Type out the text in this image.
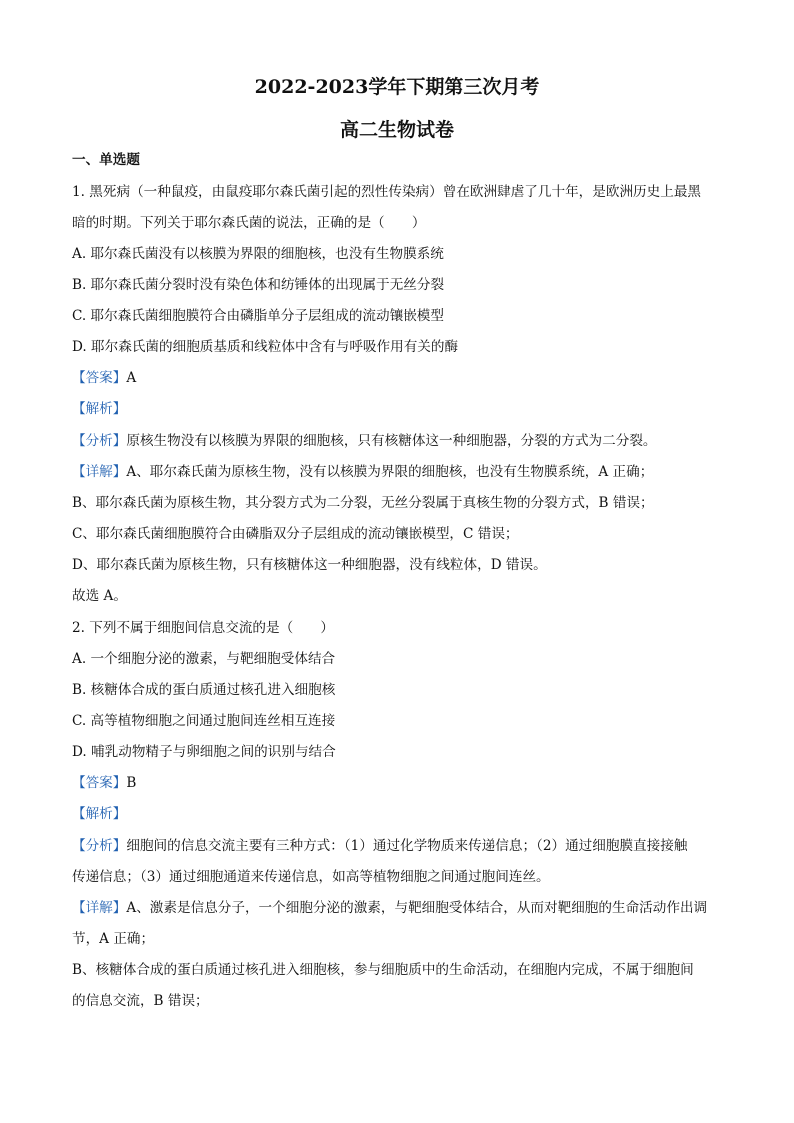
2022-2023学年下期第三次月考
高二生物试卷
一、单选题
1. 黑死病（一种鼠疫，由鼠疫耶尔森氏菌引起的烈性传染病）曾在欧洲肆虐了几十年，是欧洲历史上最黑
暗的时期。下列关于耶尔森氏菌的说法，正确的是（　　）
A. 耶尔森氏菌没有以核膜为界限的细胞核，也没有生物膜系统
B. 耶尔森氏菌分裂时没有染色体和纺锤体的出现属于无丝分裂
C. 耶尔森氏菌细胞膜符合由磷脂单分子层组成的流动镶嵌模型
D. 耶尔森氏菌的细胞质基质和线粒体中含有与呼吸作用有关的酶
【答案】A
【解析】
【分析】原核生物没有以核膜为界限的细胞核，只有核糖体这一种细胞器，分裂的方式为二分裂。
【详解】A、耶尔森氏菌为原核生物，没有以核膜为界限的细胞核，也没有生物膜系统，A 正确；
B、耶尔森氏菌为原核生物，其分裂方式为二分裂，无丝分裂属于真核生物的分裂方式，B 错误；
C、耶尔森氏菌细胞膜符合由磷脂双分子层组成的流动镶嵌模型，C 错误；
D、耶尔森氏菌为原核生物，只有核糖体这一种细胞器，没有线粒体，D 错误。
故选 A。
2. 下列不属于细胞间信息交流的是（　　）
A. 一个细胞分泌的激素，与靶细胞受体结合
B. 核糖体合成的蛋白质通过核孔进入细胞核
C. 高等植物细胞之间通过胞间连丝相互连接
D. 哺乳动物精子与卵细胞之间的识别与结合
【答案】B
【解析】
【分析】细胞间的信息交流主要有三种方式：（1）通过化学物质来传递信息；（2）通过细胞膜直接接触
传递信息；（3）通过细胞通道来传递信息，如高等植物细胞之间通过胞间连丝。
【详解】A、激素是信息分子，一个细胞分泌的激素，与靶细胞受体结合，从而对靶细胞的生命活动作出调
节，A 正确；
B、核糖体合成的蛋白质通过核孔进入细胞核，参与细胞质中的生命活动，在细胞内完成，不属于细胞间
的信息交流，B 错误；
